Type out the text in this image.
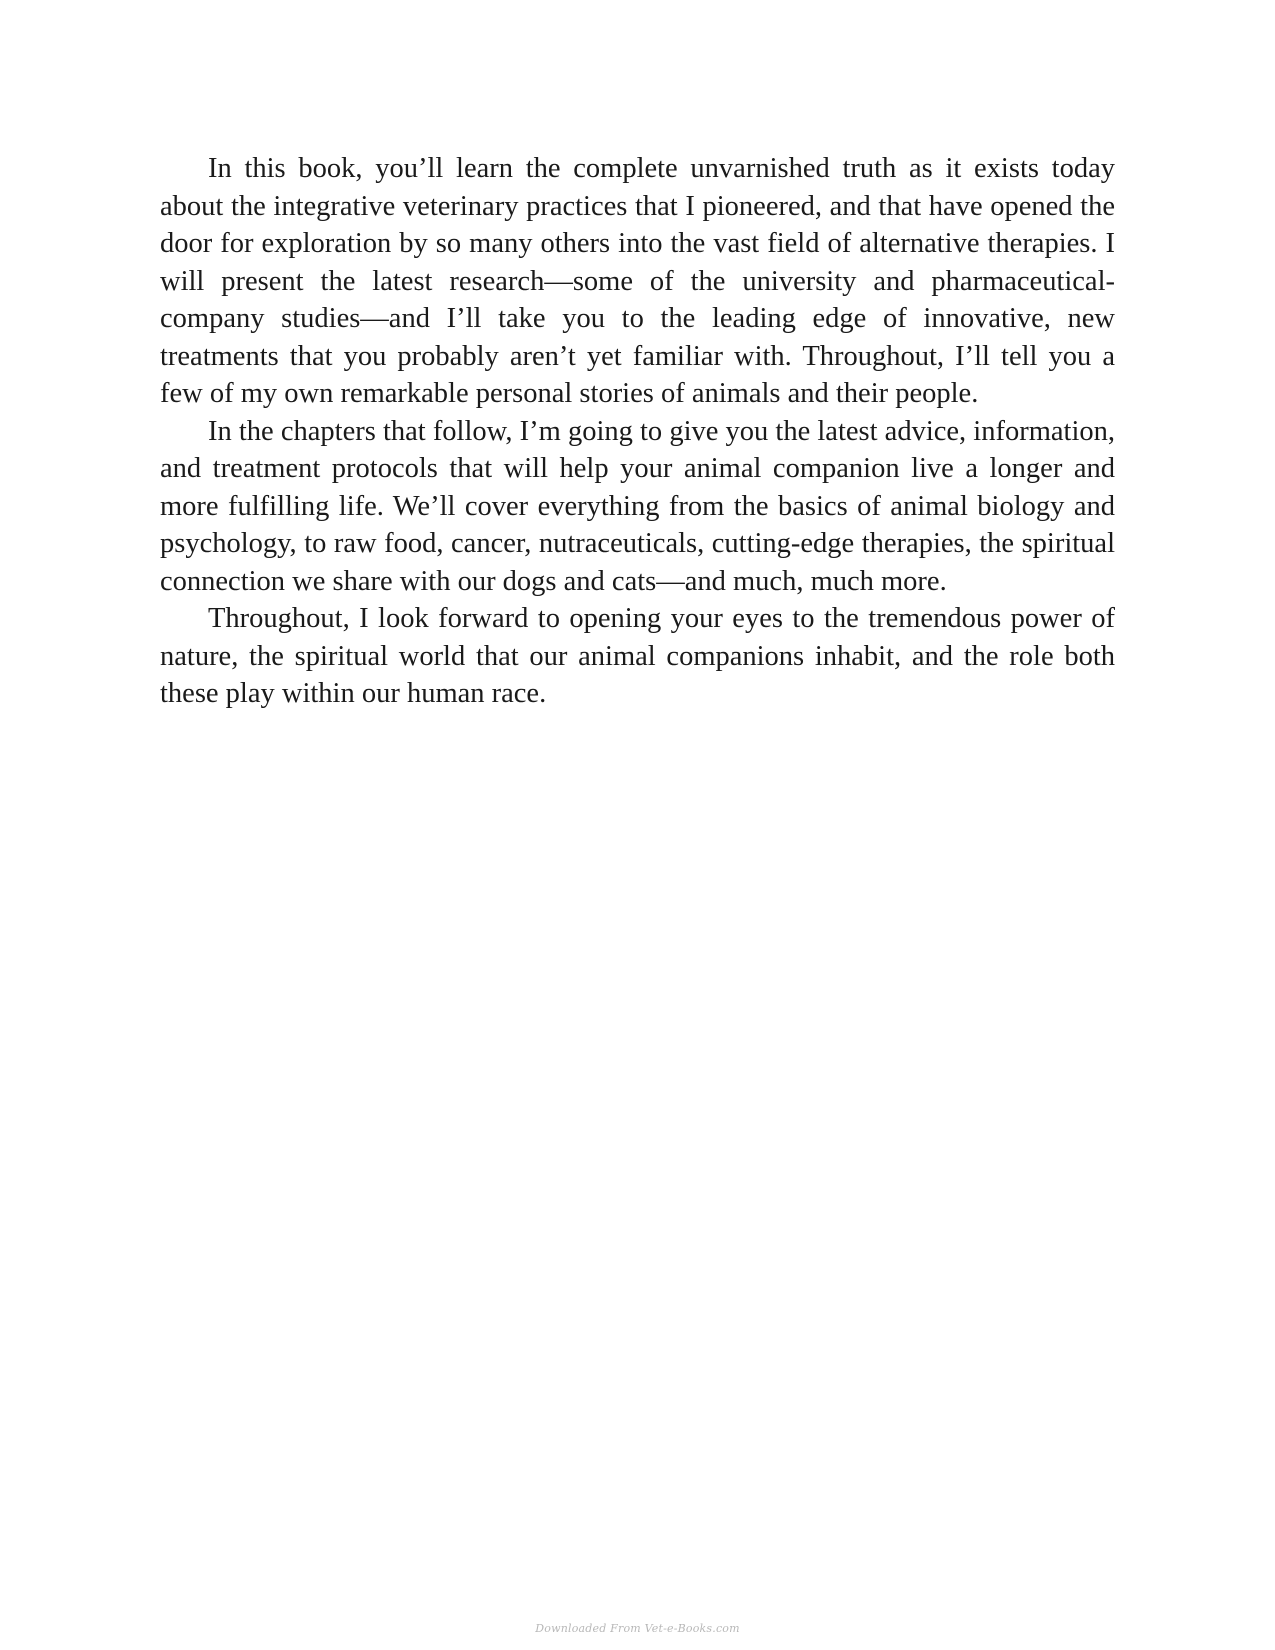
In this book, you’ll learn the complete unvarnished truth as it exists today about the integrative veterinary practices that I pioneered, and that have opened the door for exploration by so many others into the vast field of alternative therapies. I will present the latest research—some of the university and pharmaceutical-company studies—and I’ll take you to the leading edge of innovative, new treatments that you probably aren’t yet familiar with. Throughout, I’ll tell you a few of my own remarkable personal stories of animals and their people.

In the chapters that follow, I’m going to give you the latest advice, information, and treatment protocols that will help your animal companion live a longer and more fulfilling life. We’ll cover everything from the basics of animal biology and psychology, to raw food, cancer, nutraceuticals, cutting-edge therapies, the spiritual connection we share with our dogs and cats—and much, much more.

Throughout, I look forward to opening your eyes to the tremendous power of nature, the spiritual world that our animal companions inhabit, and the role both these play within our human race.

Downloaded From Vet-e-Books.com
